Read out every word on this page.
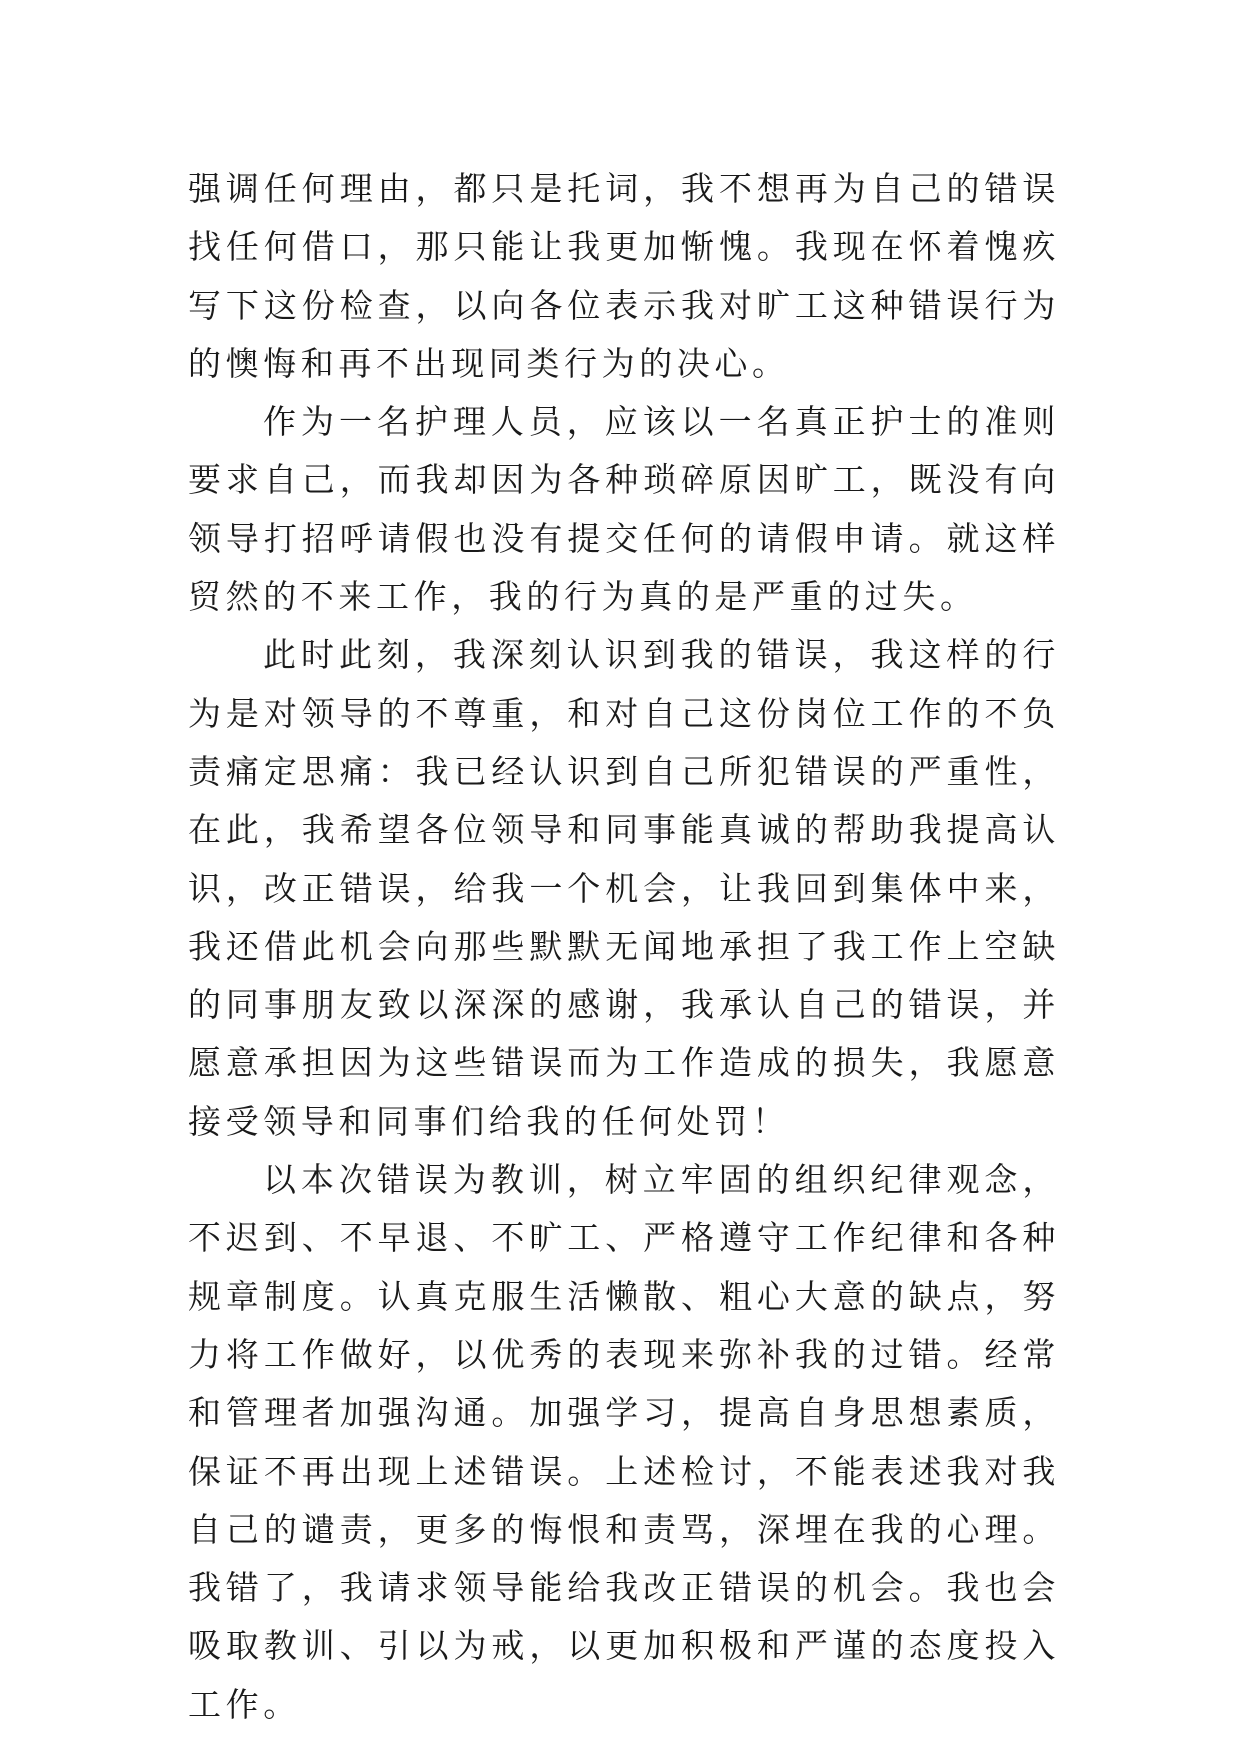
强调任何理由，都只是托词，我不想再为自己的错误找任何借口，那只能让我更加惭愧。我现在怀着愧疚写下这份检查，以向各位表示我对旷工这种错误行为的懊悔和再不出现同类行为的决心。

作为一名护理人员，应该以一名真正护士的准则要求自己，而我却因为各种琐碎原因旷工，既没有向领导打招呼请假也没有提交任何的请假申请。就这样贸然的不来工作，我的行为真的是严重的过失。

此时此刻，我深刻认识到我的错误，我这样的行为是对领导的不尊重，和对自己这份岗位工作的不负责痛定思痛：我已经认识到自己所犯错误的严重性，在此，我希望各位领导和同事能真诚的帮助我提高认识，改正错误，给我一个机会，让我回到集体中来，我还借此机会向那些默默无闻地承担了我工作上空缺的同事朋友致以深深的感谢，我承认自己的错误，并愿意承担因为这些错误而为工作造成的损失，我愿意接受领导和同事们给我的任何处罚！

以本次错误为教训，树立牢固的组织纪律观念，不迟到、不早退、不旷工、严格遵守工作纪律和各种规章制度。认真克服生活懒散、粗心大意的缺点，努力将工作做好，以优秀的表现来弥补我的过错。经常和管理者加强沟通。加强学习，提高自身思想素质，保证不再出现上述错误。上述检讨，不能表述我对我自己的谴责，更多的悔恨和责骂，深埋在我的心理。我错了，我请求领导能给我改正错误的机会。我也会吸取教训、引以为戒，以更加积极和严谨的态度投入工作。
